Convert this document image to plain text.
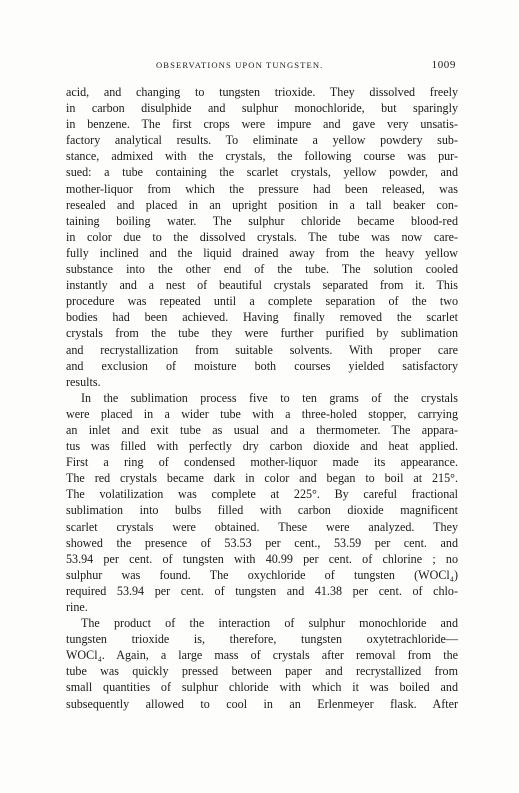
OBSERVATIONS UPON TUNGSTEN.	1009
acid, and changing to tungsten trioxide. They dissolved freely
in carbon disulphide and sulphur monochloride, but sparingly
in benzene. The first crops were impure and gave very unsatis-
factory analytical results. To eliminate a yellow powdery sub-
stance, admixed with the crystals, the following course was pur-
sued: a tube containing the scarlet crystals, yellow powder, and
mother-liquor from which the pressure had been released, was
resealed and placed in an upright position in a tall beaker con-
taining boiling water. The sulphur chloride became blood-red
in color due to the dissolved crystals. The tube was now care-
fully inclined and the liquid drained away from the heavy yellow
substance into the other end of the tube. The solution cooled
instantly and a nest of beautiful crystals separated from it. This
procedure was repeated until a complete separation of the two
bodies had been achieved. Having finally removed the scarlet
crystals from the tube they were further purified by sublimation
and recrystallization from suitable solvents. With proper care
and exclusion of moisture both courses yielded satisfactory
results.
In the sublimation process five to ten grams of the crystals
were placed in a wider tube with a three-holed stopper, carrying
an inlet and exit tube as usual and a thermometer. The appara-
tus was filled with perfectly dry carbon dioxide and heat applied.
First a ring of condensed mother-liquor made its appearance.
The red crystals became dark in color and began to boil at 215°.
The volatilization was complete at 225°. By careful fractional
sublimation into bulbs filled with carbon dioxide magnificent
scarlet crystals were obtained. These were analyzed. They
showed the presence of 53.53 per cent., 53.59 per cent. and
53.94 per cent. of tungsten with 40.99 per cent. of chlorine ; no
sulphur was found. The oxychloride of tungsten (WOCl₄)
required 53.94 per cent. of tungsten and 41.38 per cent. of chlo-
rine.
The product of the interaction of sulphur monochloride and
tungsten trioxide is, therefore, tungsten oxytetrachloride—
WOCl₄. Again, a large mass of crystals after removal from the
tube was quickly pressed between paper and recrystallized from
small quantities of sulphur chloride with which it was boiled and
subsequently allowed to cool in an Erlenmeyer flask. After
